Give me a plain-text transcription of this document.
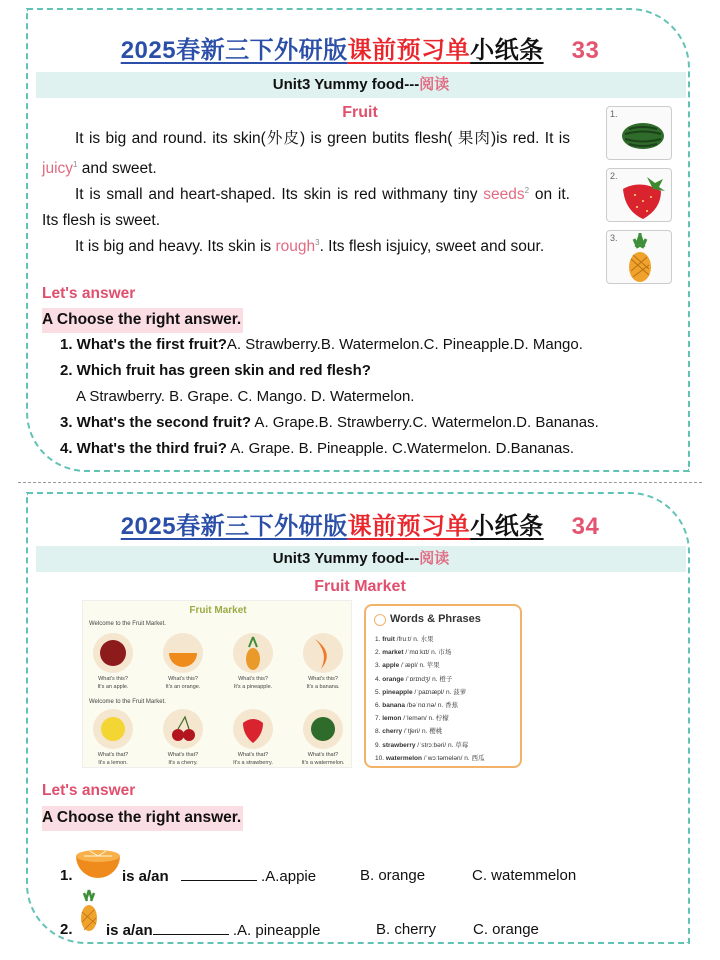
2025春新三下外研版课前预习单小纸条 33
Unit3 Yummy food---阅读
Fruit
It is big and round. its skin(外皮) is green butits flesh( 果肉)is red. It is juicy$^1$ and sweet.
It is small and heart-shaped. Its skin is red withmany tiny seeds$^2$ on it. Its flesh is sweet.
It is big and heavy. Its skin is rough$^3$. Its flesh isjuicy, sweet and sour.
1.
2.
3.
Let's answer
A Choose the right answer.
1. What's the first fruit?A. Strawberry.B. Watermelon.C. Pineapple.D. Mango.
2. Which fruit has green skin and red flesh?
A Strawberry. B. Grape. C. Mango. D. Watermelon.
3. What's the second fruit? A. Grape.B. Strawberry.C. Watermelon.D. Bananas.
4. What's the third frui? A. Grape. B. Pineapple. C.Watermelon. D.Bananas.
2025春新三下外研版课前预习单小纸条 34
Unit3 Yummy food---阅读
Fruit Market
Fruit Market
Welcome to the Fruit Market.
Welcome to the Fruit Market.
What's this?
It's an apple.
What's this?
It's an orange.
What's this?
It's a pineapple.
What's this?
It's a banana.
What's that?
It's a lemon.
What's that?
It's a cherry.
What's that?
It's a strawberry.
What's that?
It's a watermelon.
Words & Phrases
1. fruit /fruːt/ n. 水果
2. market /ˈmɑːkɪt/ n. 市场
3. apple /ˈæpl/ n. 苹果
4. orange /ˈɒrɪndʒ/ n. 橙子
5. pineapple /ˈpaɪnæpl/ n. 菠萝
6. banana /bəˈnɑːnə/ n. 香蕉
7. lemon /ˈlemən/ n. 柠檬
8. cherry /ˈtʃeri/ n. 樱桃
9. strawberry /ˈstrɔːbəri/ n. 草莓
10. watermelon /ˈwɔːtəmelən/ n. 西瓜
Let's answer
A Choose the right answer.
1.	is a/an	.A.appie	B. orange	C. watemmelon
2. is a/an	.A. pineapple	B. cherry C. orange
